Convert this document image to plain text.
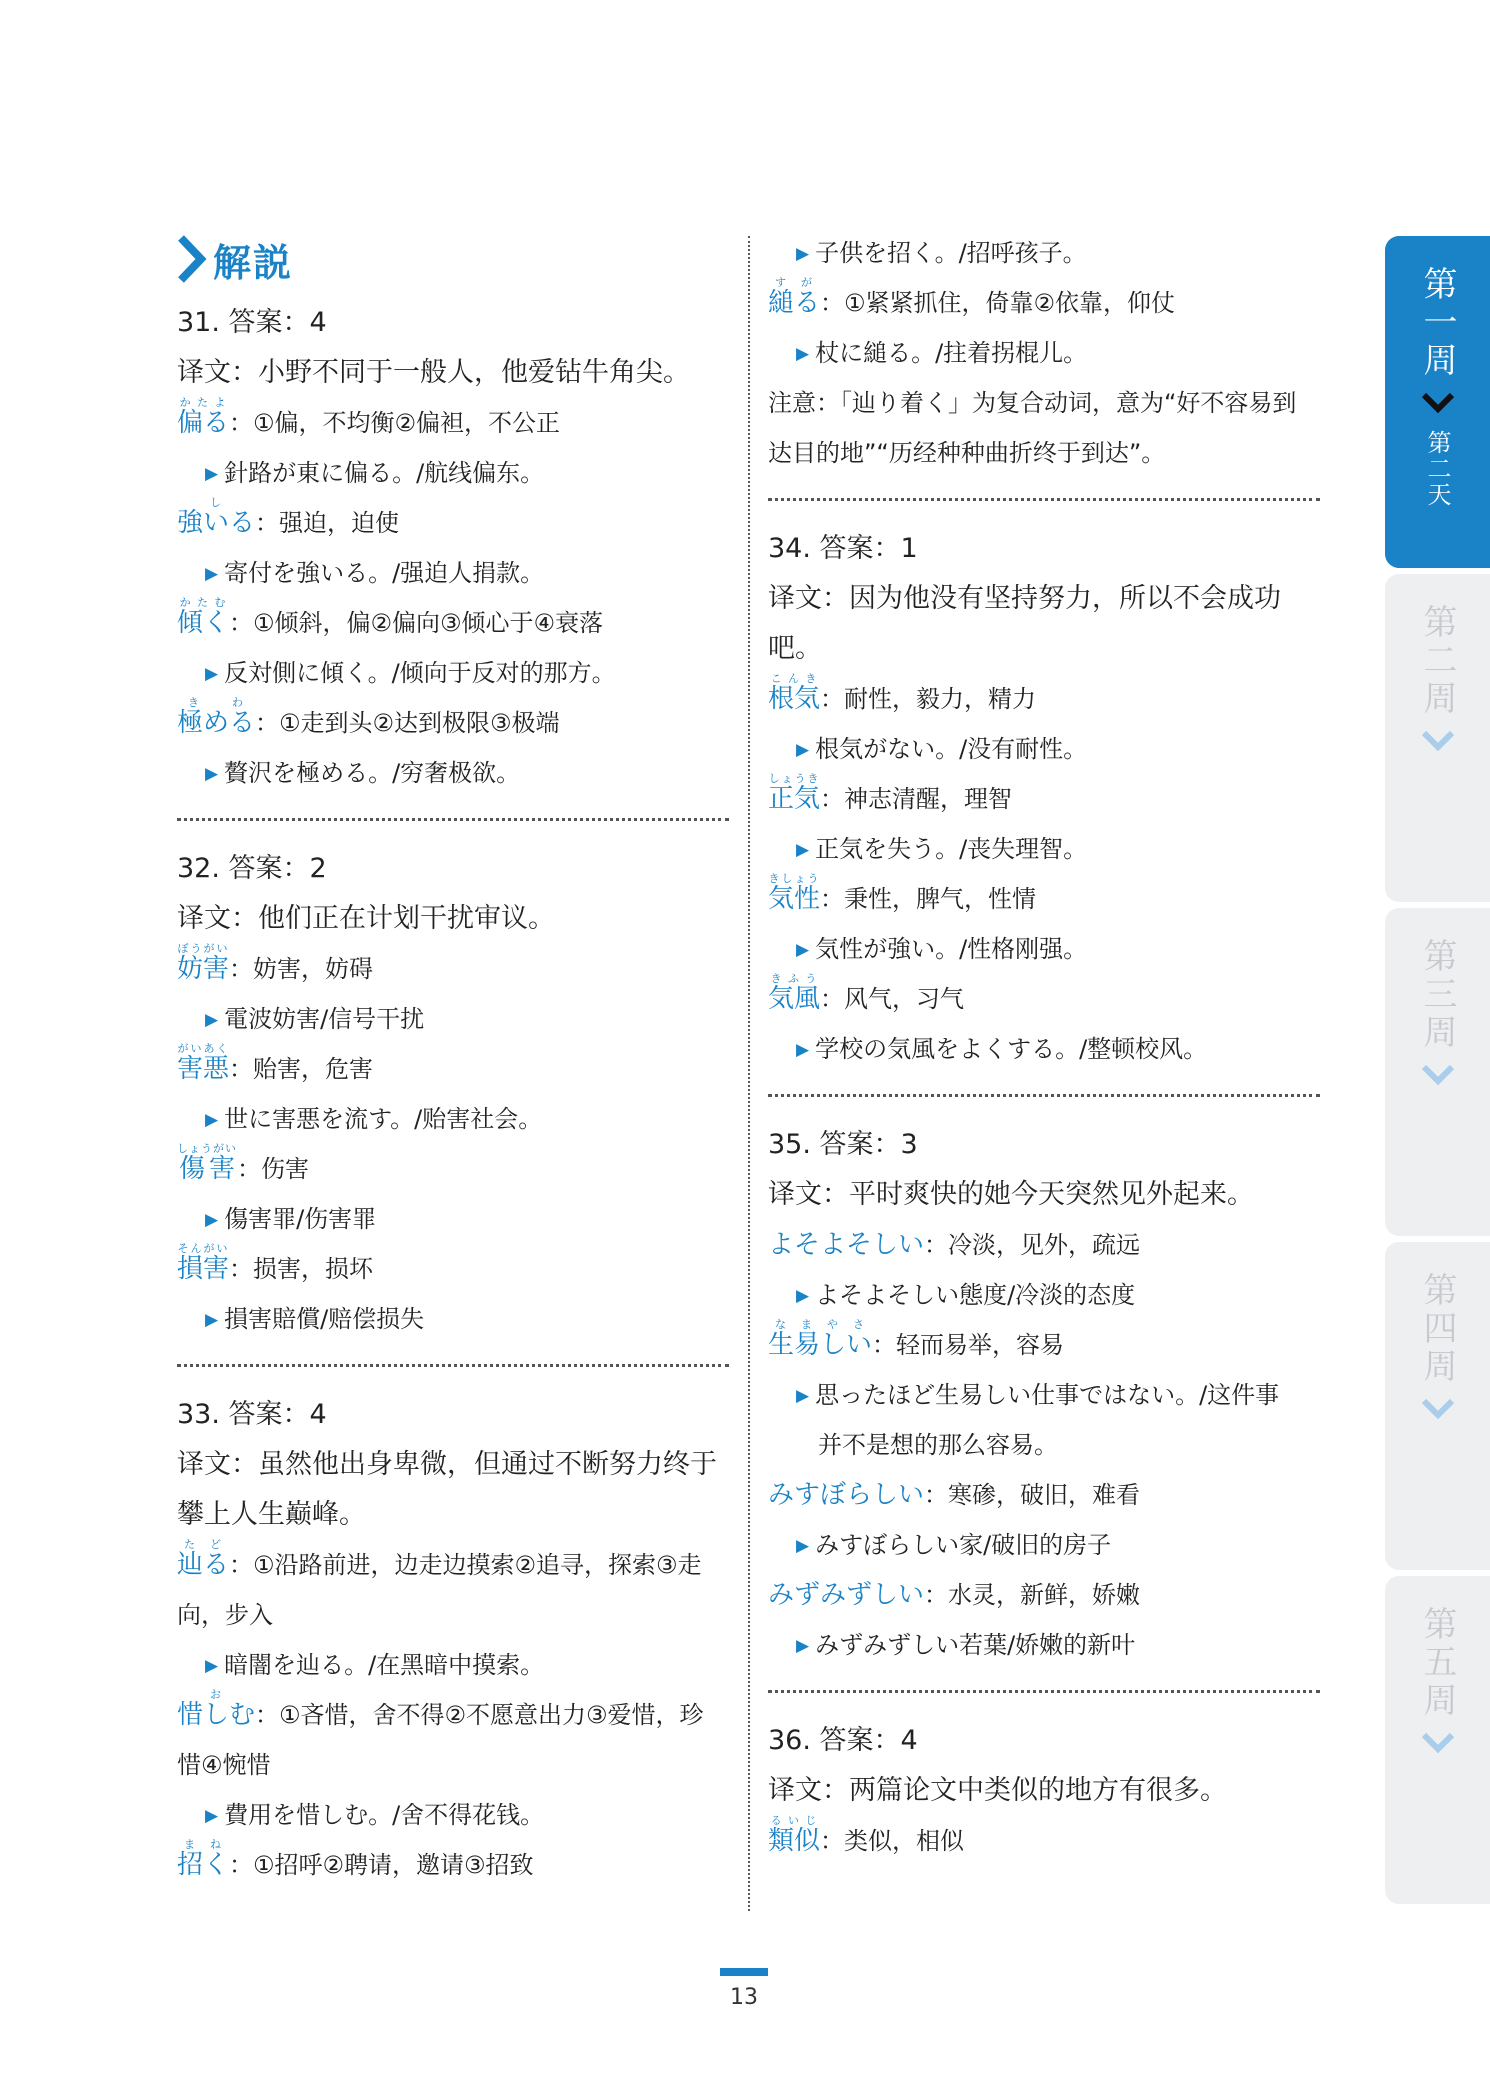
解説
31. 答案：4
译文：小野不同于一般人，他爱钻牛角尖。
偏るかたよ
：①偏，不均衡②偏袒，不公正
▶ 針路が東に偏る。/航线偏东。
強いるし
：强迫，迫使
▶ 寄付を強いる。/强迫人捐款。
傾くかたむ
：①倾斜，偏②偏向③倾心于④衰落
▶ 反対側に傾く。/倾向于反对的那方。
極めるきわ
：①走到头②达到极限③极端
▶ 贅沢を極める。/穷奢极欲。
32. 答案：2
译文：他们正在计划干扰审议。
妨害ぼうがい
：妨害，妨碍
▶ 電波妨害/信号干扰
害悪がいあく
：贻害，危害
▶ 世に害悪を流す。/贻害社会。
傷害しょうがい
：伤害
▶ 傷害罪/伤害罪
損害そんがい
：损害，损坏
▶ 損害賠償/赔偿损失
33. 答案：4
译文：虽然他出身卑微，但通过不断努力终于
攀上人生巅峰。
辿るたど
：①沿路前进，边走边摸索②追寻，探索③走
向，步入
▶ 暗闇を辿る。/在黑暗中摸索。
惜しむお
：①吝惜，舍不得②不愿意出力③爱惜，珍
惜④惋惜
▶ 費用を惜しむ。/舍不得花钱。
招くまね
：①招呼②聘请，邀请③招致
▶ 子供を招く。/招呼孩子。
縋るすが
：①紧紧抓住，倚靠②依靠，仰仗
▶ 杖に縋る。/拄着拐棍儿。
注意：「辿り着く」为复合动词，意为“好不容易到
达目的地”“历经种种曲折终于到达”。
34. 答案：1
译文：因为他没有坚持努力，所以不会成功
吧。
根気こんき
：耐性，毅力，精力
▶ 根気がない。/没有耐性。
正気しょうき
：神志清醒，理智
▶ 正気を失う。/丧失理智。
気性きしょう
：秉性，脾气，性情
▶ 気性が強い。/性格刚强。
気風きふう
：风气，习气
▶ 学校の気風をよくする。/整顿校风。
35. 答案：3
译文：平时爽快的她今天突然见外起来。
よそよそしい ：冷淡，见外，疏远
▶ よそよそしい態度/冷淡的态度
生易しいなまやさ
：轻而易举，容易
▶ 思ったほど生易しい仕事ではない。/这件事
并不是想的那么容易。
みすぼらしい ：寒碜，破旧，难看
▶ みすぼらしい家/破旧的房子
みずみずしい ：水灵，新鲜，娇嫩
▶ みずみずしい若葉/娇嫩的新叶
36. 答案：4
译文：两篇论文中类似的地方有很多。
類似るいじ
：类似，相似
第一周
第二天
第二周
第三周
第四周
第五周
13
